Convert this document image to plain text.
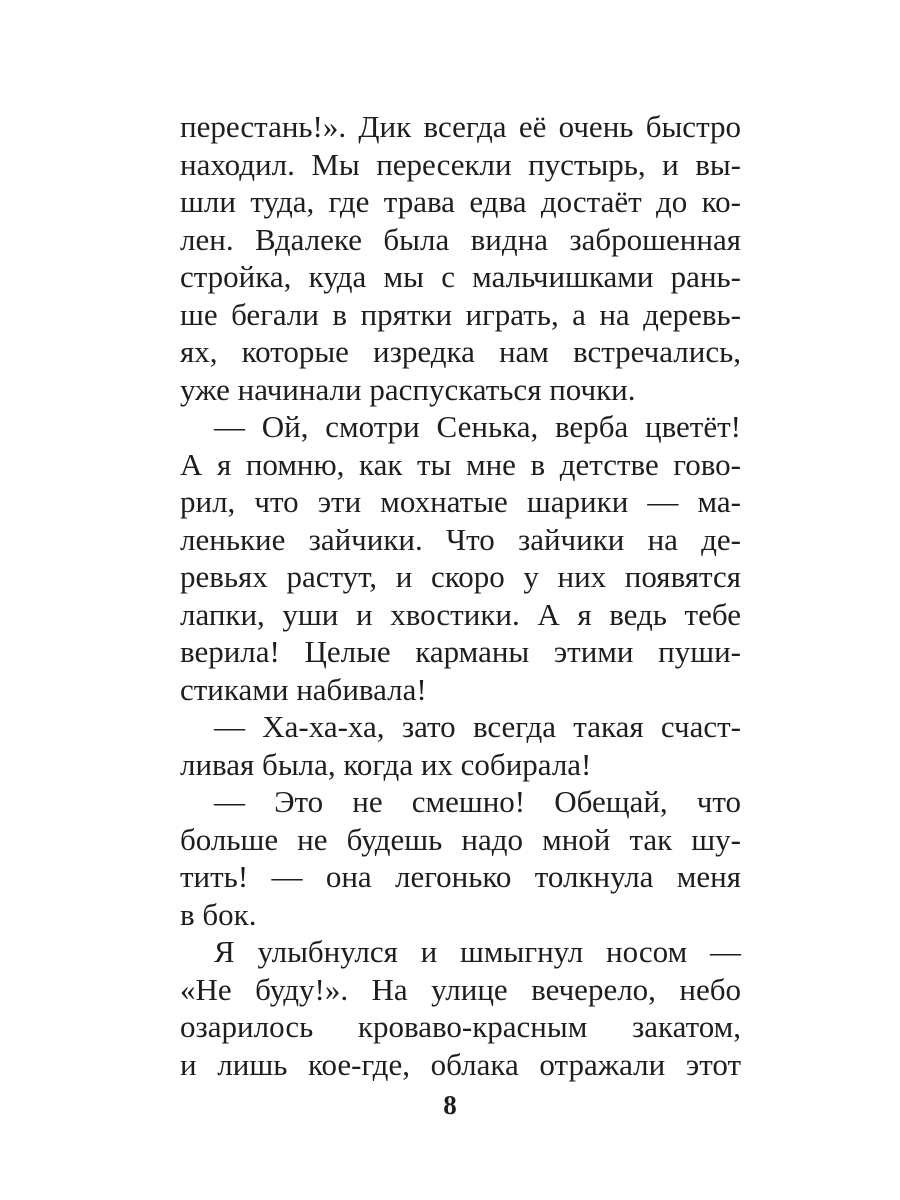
перестань!». Дик всегда её очень быстро
находил. Мы пересекли пустырь, и вы-
шли туда, где трава едва достаёт до ко-
лен. Вдалеке была видна заброшенная
стройка, куда мы с мальчишками рань-
ше бегали в прятки играть, а на деревь-
ях, которые изредка нам встречались,
уже начинали распускаться почки.
— Ой, смотри Сенька, верба цветёт!
А я помню, как ты мне в детстве гово-
рил, что эти мохнатые шарики — ма-
ленькие зайчики. Что зайчики на де-
ревьях растут, и скоро у них появятся
лапки, уши и хвостики. А я ведь тебе
верила! Целые карманы этими пуши-
стиками набивала!
— Ха-ха-ха, зато всегда такая счаст-
ливая была, когда их собирала!
— Это не смешно! Обещай, что
больше не будешь надо мной так шу-
тить! — она легонько толкнула меня
в бок.
Я улыбнулся и шмыгнул носом —
«Не буду!». На улице вечерело, небо
озарилось кроваво-красным закатом,
и лишь кое-где, облака отражали этот
8
